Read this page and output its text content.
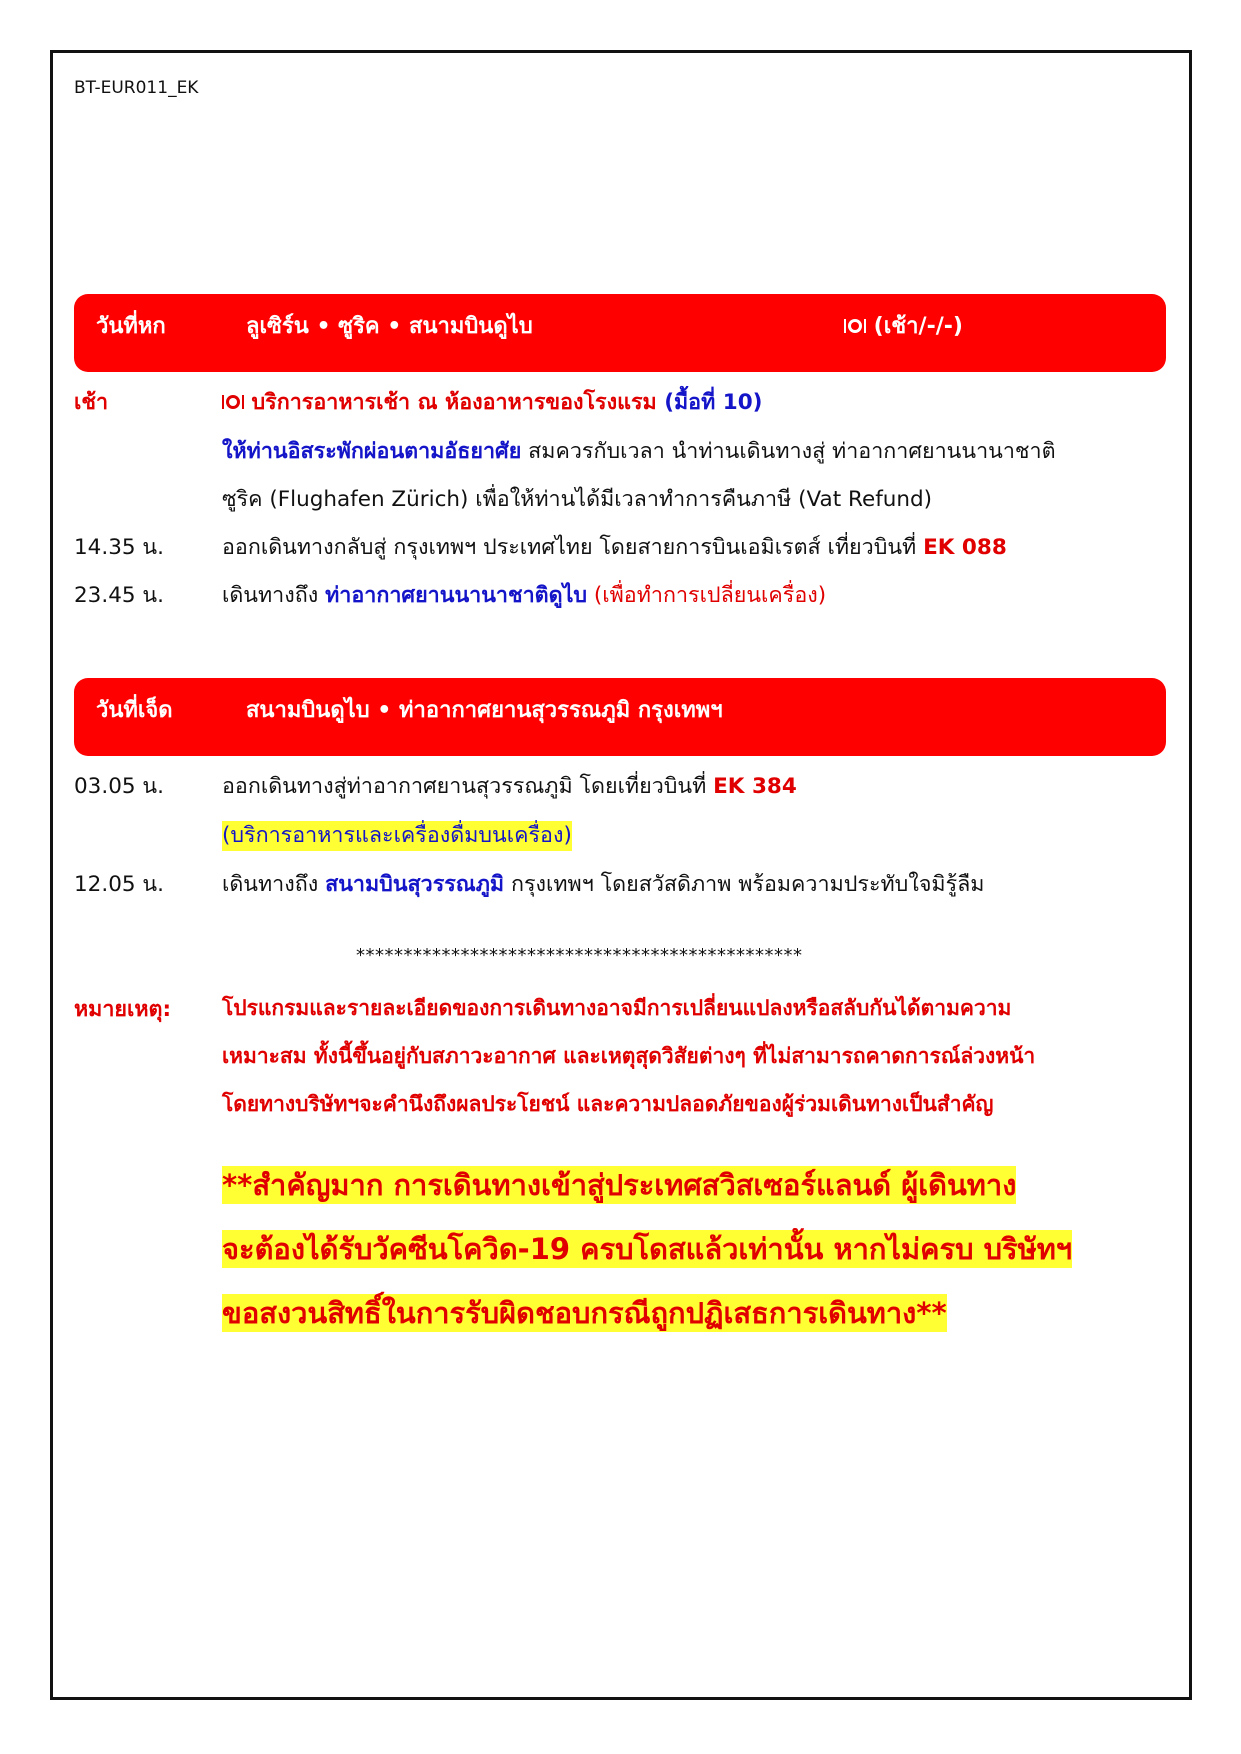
BT-EUR011_EK
วันที่หก	ลูเซิร์น • ซูริค • สนามบินดูไบ	(เช้า/-/-)
เช้า	บริการอาหารเช้า ณ ห้องอาหารของโรงแรม (มื้อที่ 10)
ให้ท่านอิสระพักผ่อนตามอัธยาศัย สมควรกับเวลา นำท่านเดินทางสู่ ท่าอากาศยานนานาชาติ
ซูริค (Flughafen Zürich) เพื่อให้ท่านได้มีเวลาทำการคืนภาษี (Vat Refund)
14.35 น.	ออกเดินทางกลับสู่ กรุงเทพฯ ประเทศไทย โดยสายการบินเอมิเรตส์ เที่ยวบินที่ EK 088
23.45 น.	เดินทางถึง ท่าอากาศยานนานาชาติดูไบ (เพื่อทำการเปลี่ยนเครื่อง)
วันที่เจ็ด	สนามบินดูไบ • ท่าอากาศยานสุวรรณภูมิ กรุงเทพฯ
03.05 น.	ออกเดินทางสู่ท่าอากาศยานสุวรรณภูมิ โดยเที่ยวบินที่ EK 384
(บริการอาหารและเครื่องดื่มบนเครื่อง)
12.05 น.	เดินทางถึง สนามบินสุวรรณภูมิ กรุงเทพฯ โดยสวัสดิภาพ พร้อมความประทับใจมิรู้ลืม
***********************************************
หมายเหตุ: โปรแกรมและรายละเอียดของการเดินทางอาจมีการเปลี่ยนแปลงหรือสลับกันได้ตามความ
เหมาะสม ทั้งนี้ขึ้นอยู่กับสภาวะอากาศ และเหตุสุดวิสัยต่างๆ ที่ไม่สามารถคาดการณ์ล่วงหน้า
โดยทางบริษัทฯจะคำนึงถึงผลประโยชน์ และความปลอดภัยของผู้ร่วมเดินทางเป็นสำคัญ
**สำคัญมาก การเดินทางเข้าสู่ประเทศสวิสเซอร์แลนด์ ผู้เดินทาง
จะต้องได้รับวัคซีนโควิด-19 ครบโดสแล้วเท่านั้น หากไม่ครบ บริษัทฯ
ขอสงวนสิทธิ์ในการรับผิดชอบกรณีถูกปฏิเสธการเดินทาง**
